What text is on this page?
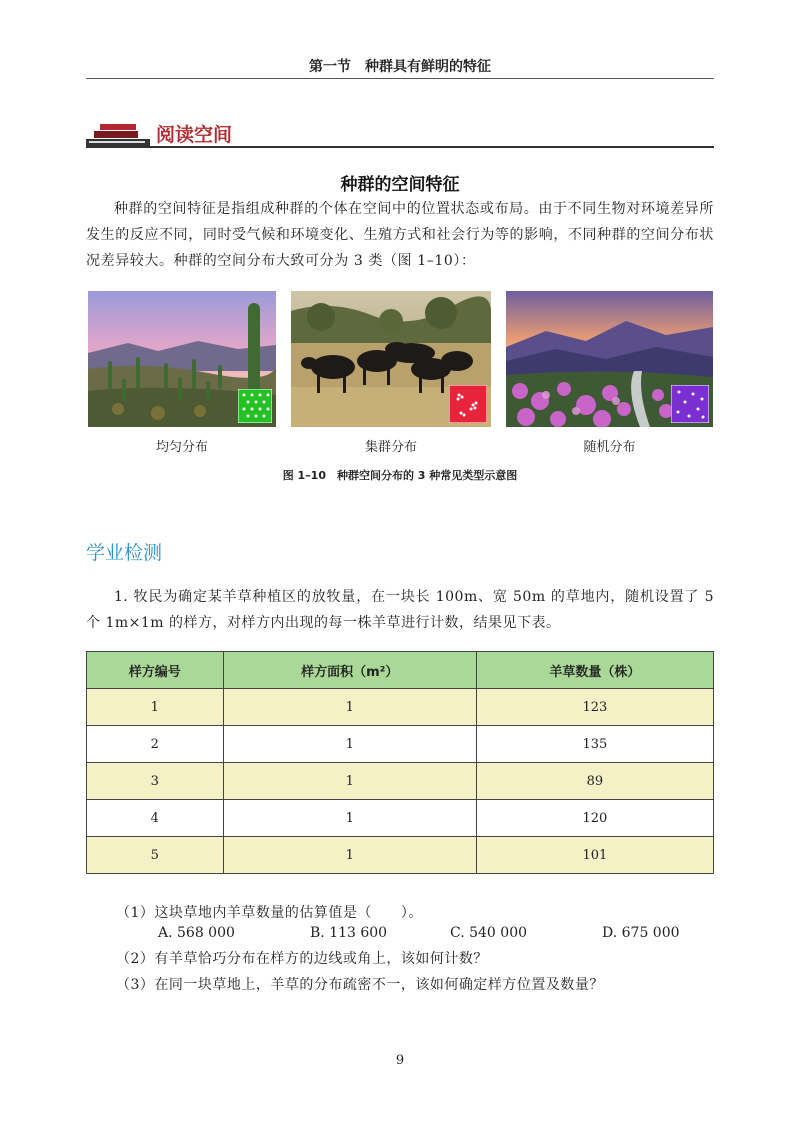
第一节　种群具有鲜明的特征
阅读空间
种群的空间特征
种群的空间特征是指组成种群的个体在空间中的位置状态或布局。由于不同生物对环境差异所发生的反应不同，同时受气候和环境变化、生殖方式和社会行为等的影响，不同种群的空间分布状况差异较大。种群的空间分布大致可分为 3 类（图 1–10）：
均匀分布	集群分布	随机分布
图 1–10　种群空间分布的 3 种常见类型示意图
学业检测
1. 牧民为确定某羊草种植区的放牧量，在一块长 100m、宽 50m 的草地内，随机设置了 5 个 1m×1m 的样方，对样方内出现的每一株羊草进行计数，结果见下表。
样方编号	样方面积（m²）	羊草数量（株）
1	1	123
2	1	135
3	1	89
4	1	120
5	1	101
（1）这块草地内羊草数量的估算值是（　　）。
A. 568 000	B. 113 600	C. 540 000	D. 675 000
（2）有羊草恰巧分布在样方的边线或角上，该如何计数？
（3）在同一块草地上，羊草的分布疏密不一，该如何确定样方位置及数量？
9
